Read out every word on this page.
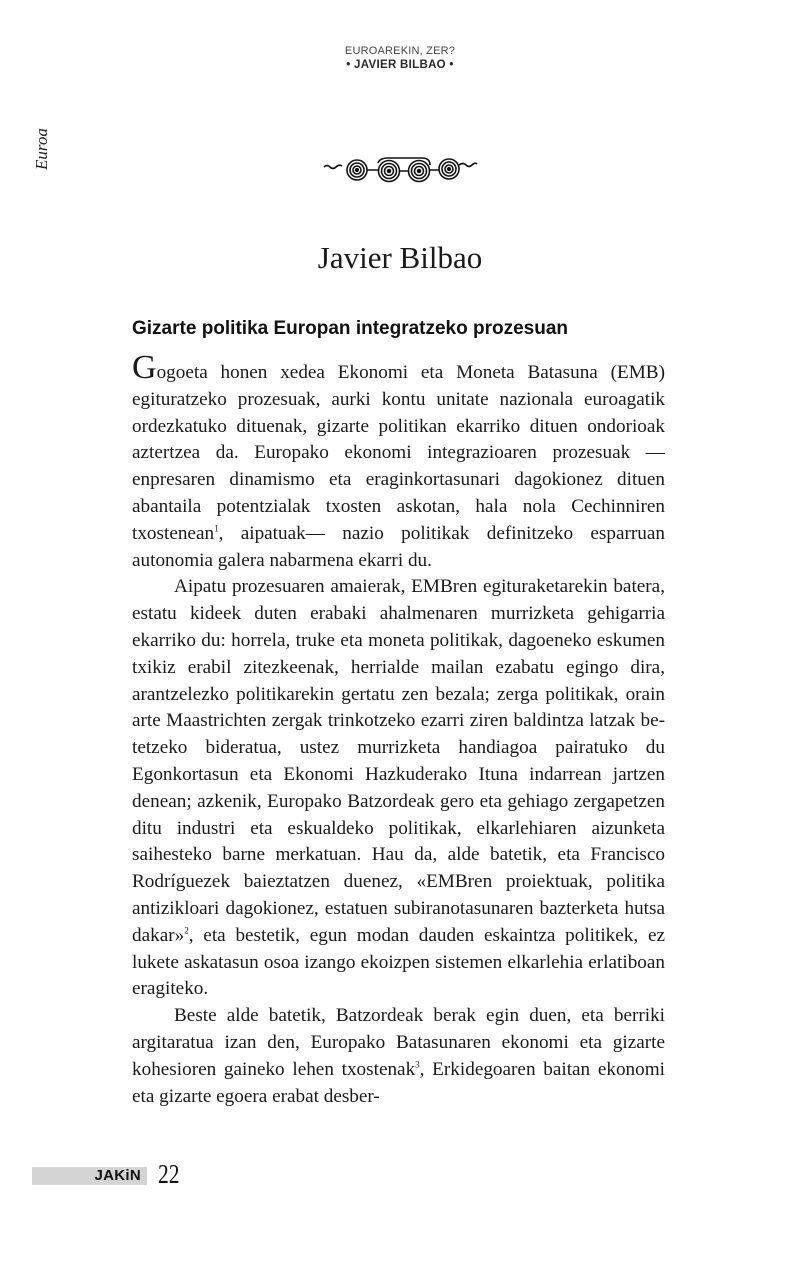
EUROAREKIN, ZER?
• JAVIER BILBAO •
Euroa
Javier Bilbao
Gizarte politika Europan integratzeko prozesuan

Gogoeta honen xedea Ekonomi eta Moneta Batasuna (EMB) egituratzeko prozesuak, aurki kontu unitate nazionala euroagatik ordezkatuko dituenak, gizarte politikan ekarriko dituen ondorioak aztertzea da. Europako ekonomi integrazioaren prozesuak —enpresaren dinamismo eta eraginkortasunari dagokionez dituen abantaila potentzialak txosten askotan, hala nola Cechinniren txostenean$^1$, aipatuak— nazio politikak definitzeko esparruan autonomia galera nabarmena ekarri du.

Aipatu prozesuaren amaierak, EMBren egituraketarekin batera, estatu kideek duten erabaki ahalmenaren murrizketa gehigarria ekarriko du: horrela, truke eta moneta politikak, dagoeneko eskumen txikiz erabil zitezkeenak, herrialde mailan ezabatu egingo dira, arantzelezko politikarekin gertatu zen bezala; zerga politikak, orain arte Maastrichten zergak trinkotzeko ezarri ziren baldintza latzak betetzeko bideratua, ustez murrizketa handiagoa pairatuko du Egonkortasun eta Ekonomi Hazkuderako Ituna indarrean jartzen denean; azkenik, Europako Batzordeak gero eta gehiago zergapetzen ditu industri eta eskualdeko politikak, elkarlehiaren aizunketa saihesteko barne merkatuan. Hau da, alde batetik, eta Francisco Rodríguezek baieztatzen duenez, «EMBren proiektuak, politika antizikloari dagokionez, estatuen subiranotasunaren bazterketa hutsa dakar»$^2$, eta bestetik, egun modan dauden eskaintza politikek, ez lukete askatasun osoa izango ekoizpen sistemen elkarlehia erlatiboan eragiteko.

Beste alde batetik, Batzordeak berak egin duen, eta berriki argitaratua izan den, Europako Batasunaren ekonomi eta gizarte kohesioren gaineko lehen txostenak$^3$, Erkidegoaren baitan ekonomi eta gizarte egoera erabat desber-

JAKiN 22
